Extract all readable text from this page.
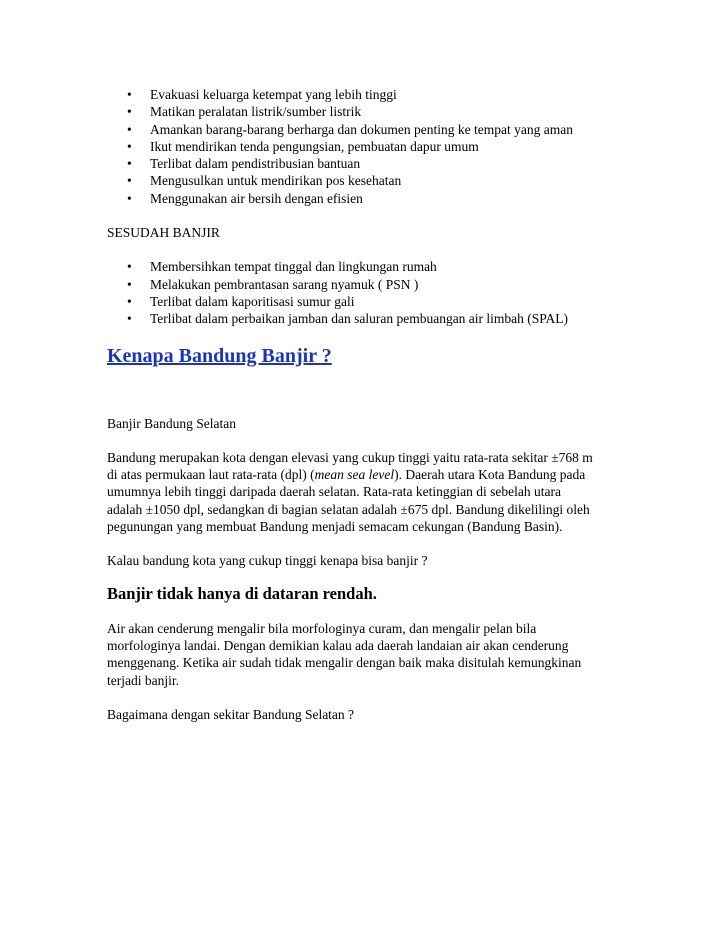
• Evakuasi keluarga ketempat yang lebih tinggi
• Matikan peralatan listrik/sumber listrik
• Amankan barang-barang berharga dan dokumen penting ke tempat yang aman
• Ikut mendirikan tenda pengungsian, pembuatan dapur umum
• Terlibat dalam pendistribusian bantuan
• Mengusulkan untuk mendirikan pos kesehatan
• Menggunakan air bersih dengan efisien

SESUDAH BANJIR

• Membersihkan tempat tinggal dan lingkungan rumah
• Melakukan pembrantasan sarang nyamuk ( PSN )
• Terlibat dalam kaporitisasi sumur gali
• Terlibat dalam perbaikan jamban dan saluran pembuangan air limbah (SPAL)

Kenapa Bandung Banjir ?

Banjir Bandung Selatan

Bandung merupakan kota dengan elevasi yang cukup tinggi yaitu rata-rata sekitar ±768 m

di atas permukaan laut rata-rata (dpl) (mean sea level). Daerah utara Kota Bandung pada

umumnya lebih tinggi daripada daerah selatan. Rata-rata ketinggian di sebelah utara

adalah ±1050 dpl, sedangkan di bagian selatan adalah ±675 dpl. Bandung dikelilingi oleh

pegunungan yang membuat Bandung menjadi semacam cekungan (Bandung Basin).

Kalau bandung kota yang cukup tinggi kenapa bisa banjir ?

Banjir tidak hanya di dataran rendah.

Air akan cenderung mengalir bila morfologinya curam, dan mengalir pelan bila

morfologinya landai. Dengan demikian kalau ada daerah landaian air akan cenderung

menggenang. Ketika air sudah tidak mengalir dengan baik maka disitulah kemungkinan

terjadi banjir.

Bagaimana dengan sekitar Bandung Selatan ?
